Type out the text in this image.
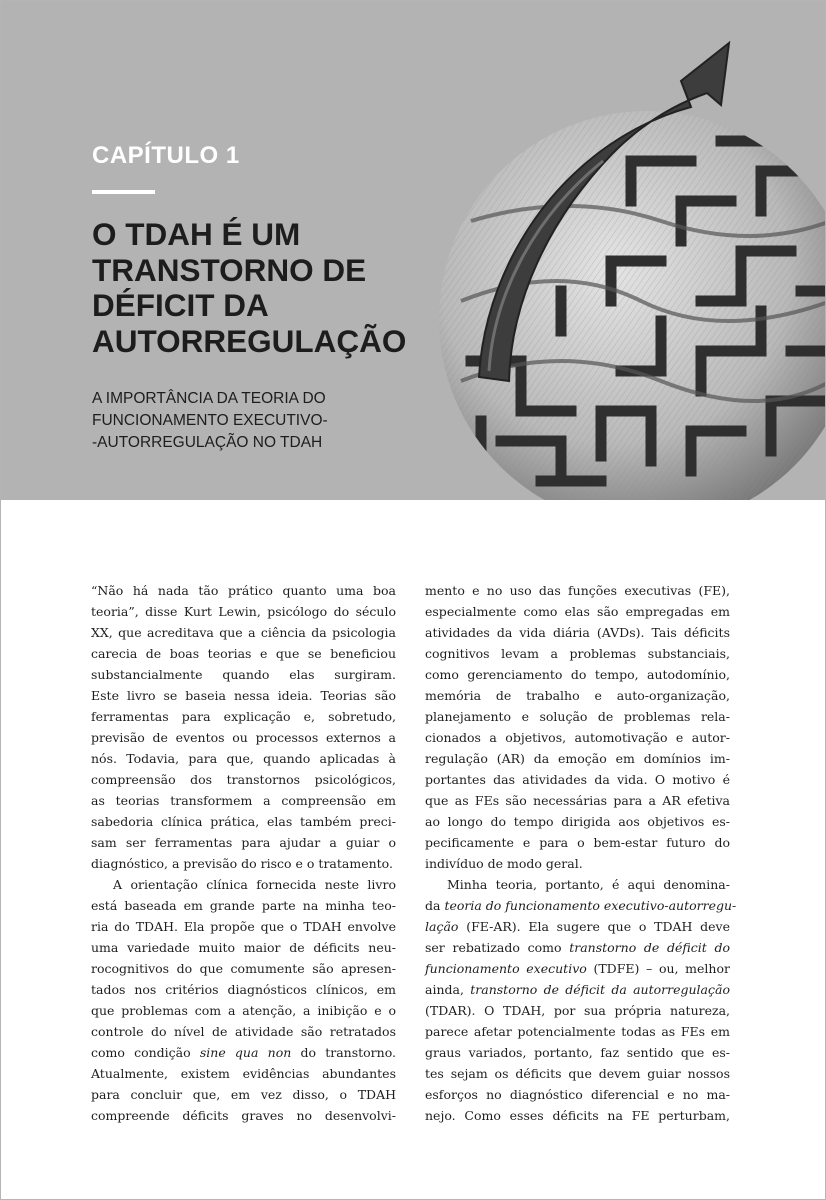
CAPÍTULO 1
O TDAH É UM
TRANSTORNO DE
DÉFICIT DA
AUTORREGULAÇÃO

A IMPORTÂNCIA DA TEORIA DO
FUNCIONAMENTO EXECUTIVO-
-AUTORREGULAÇÃO NO TDAH

“Não há nada tão prático quanto uma boa
teoria”, disse Kurt Lewin, psicólogo do século
XX, que acreditava que a ciência da psicologia
carecia de boas teorias e que se beneficiou
substancialmente quando elas surgiram.
Este livro se baseia nessa ideia. Teorias são
ferramentas para explicação e, sobretudo,
previsão de eventos ou processos externos a
nós. Todavia, para que, quando aplicadas à
compreensão dos transtornos psicológicos,
as teorias transformem a compreensão em
sabedoria clínica prática, elas também preci-
sam ser ferramentas para ajudar a guiar o
diagnóstico, a previsão do risco e o tratamento.
A orientação clínica fornecida neste livro
está baseada em grande parte na minha teo-
ria do TDAH. Ela propõe que o TDAH envolve
uma variedade muito maior de déficits neu-
rocognitivos do que comumente são apresen-
tados nos critérios diagnósticos clínicos, em
que problemas com a atenção, a inibição e o
controle do nível de atividade são retratados
como condição sine qua non do transtorno.
Atualmente, existem evidências abundantes
para concluir que, em vez disso, o TDAH
compreende déficits graves no desenvolvi-
mento e no uso das funções executivas (FE),
especialmente como elas são empregadas em
atividades da vida diária (AVDs). Tais déficits
cognitivos levam a problemas substanciais,
como gerenciamento do tempo, autodomínio,
memória de trabalho e auto-organização,
planejamento e solução de problemas rela-
cionados a objetivos, automotivação e autor-
regulação (AR) da emoção em domínios im-
portantes das atividades da vida. O motivo é
que as FEs são necessárias para a AR efetiva
ao longo do tempo dirigida aos objetivos es-
pecificamente e para o bem-estar futuro do
indivíduo de modo geral.
Minha teoria, portanto, é aqui denomina-
da teoria do funcionamento executivo-autorregu-
lação (FE-AR). Ela sugere que o TDAH deve
ser rebatizado como transtorno de déficit do
funcionamento executivo (TDFE) – ou, melhor
ainda, transtorno de déficit da autorregulação
(TDAR). O TDAH, por sua própria natureza,
parece afetar potencialmente todas as FEs em
graus variados, portanto, faz sentido que es-
tes sejam os déficits que devem guiar nossos
esforços no diagnóstico diferencial e no ma-
nejo. Como esses déficits na FE perturbam,
